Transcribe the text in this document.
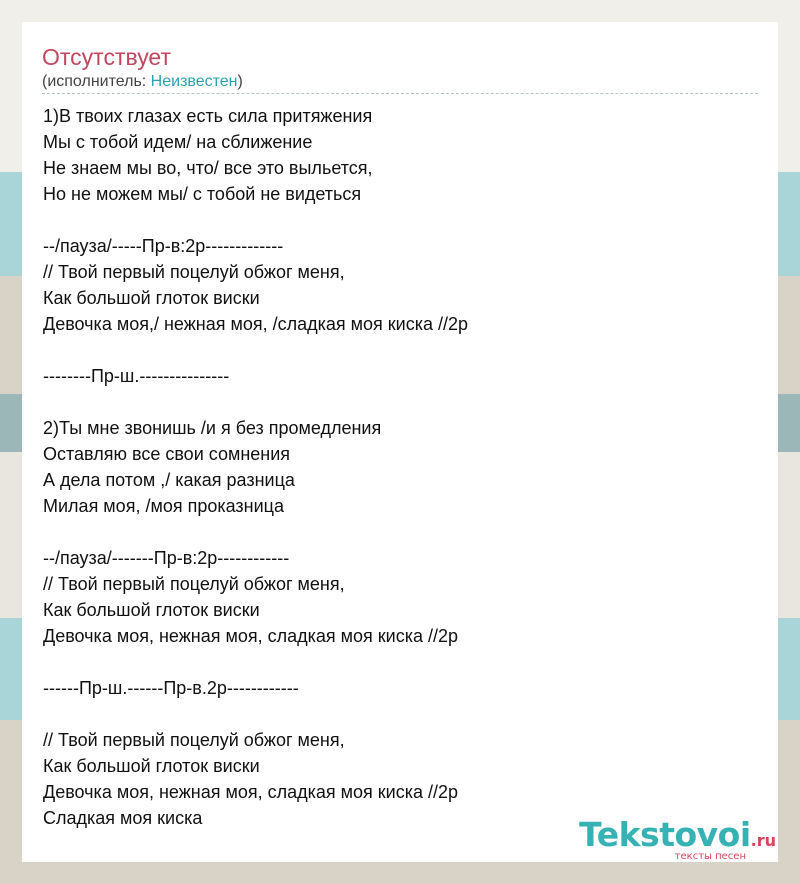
Отсутствует
(исполнитель: Неизвестен)
1)В твоих глазах есть сила притяжения
Мы с тобой идем/ на сближение
Не знаем мы во, что/ все это выльется,
Но не можем мы/ с тобой не видеться
--/пауза/-----Пр-в:2р-------------
// Твой первый поцелуй обжог меня,
Как большой глоток виски
Девочка моя,/ нежная моя, /сладкая моя киска //2р
--------Пр-ш.---------------
2)Ты мне звонишь /и я без промедления
Оставляю все свои сомнения
А дела потом ,/ какая разница
Милая моя, /моя проказница
--/пауза/-------Пр-в:2р------------
// Твой первый поцелуй обжог меня,
Как большой глоток виски
Девочка моя, нежная моя, сладкая моя киска //2р
------Пр-ш.------Пр-в.2р------------
// Твой первый поцелуй обжог меня,
Как большой глоток виски
Девочка моя, нежная моя, сладкая моя киска //2р
Сладкая моя киска	Tekstovoi.ru
тексты песен
